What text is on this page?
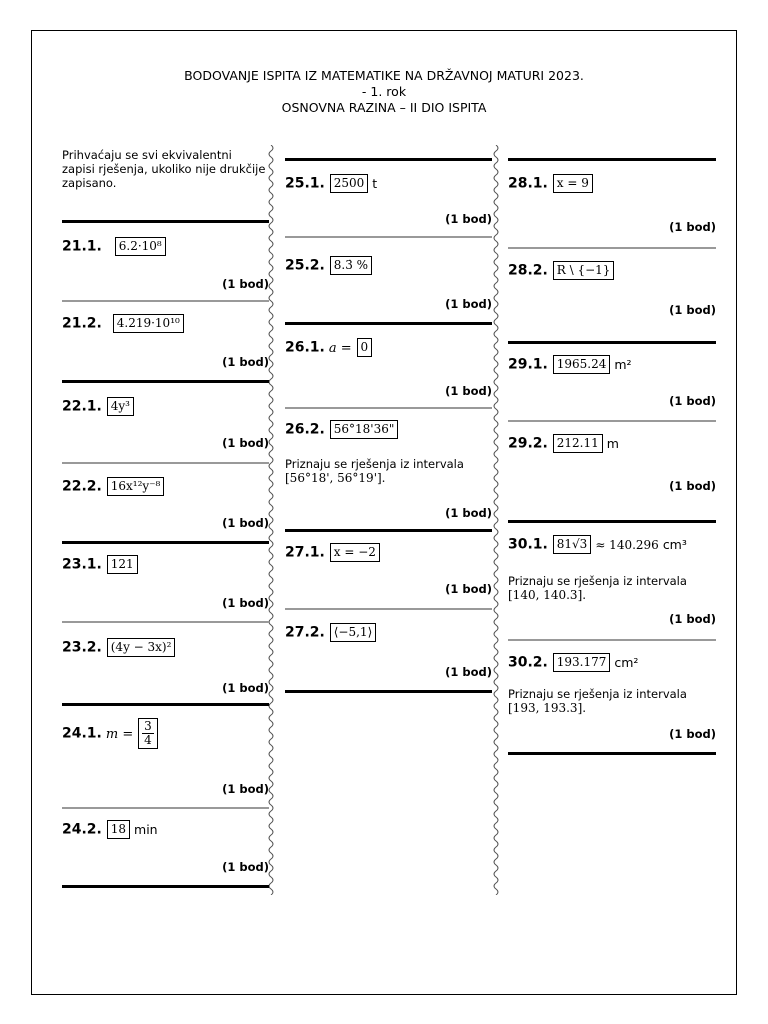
BODOVANJE ISPITA IZ MATEMATIKE NA DRŽAVNOJ MATURI 2023.
- 1. rok
OSNOVNA RAZINA – II DIO ISPITA
Prihvaćaju se svi ekvivalentni zapisi rješenja, ukoliko nije drukčije zapisano.
21.1. 6.2·10⁸
(1 bod)
21.2. 4.219·10¹⁰
(1 bod)
22.1. 4y³
(1 bod)
22.2. 16x¹²y⁻⁸
(1 bod)
23.1. 121
(1 bod)
23.2. (4y − 3x)²
(1 bod)
24.1. $m = \frac{3}{4}$
(1 bod)
24.2. 18 min
(1 bod)
25.1. 2500 t
(1 bod)
25.2. 8.3̇ %
(1 bod)
26.1. a = 0
(1 bod)
26.2. 56°18'36"
Priznaju se rješenja iz intervala
[56°18', 56°19'].
(1 bod)
27.1. x = −2
(1 bod)
27.2. ⟨−5,1⟩
(1 bod)
28.1. x = 9
(1 bod)
28.2. R \ {−1}
(1 bod)
29.1. 1965.24 m²
(1 bod)
29.2. 212.11 m
(1 bod)
30.1. 81√3 ≈ 140.296 cm³
Priznaju se rješenja iz intervala
[140, 140.3].
(1 bod)
30.2. 193.177 cm²
Priznaju se rješenja iz intervala
[193, 193.3].
(1 bod)
